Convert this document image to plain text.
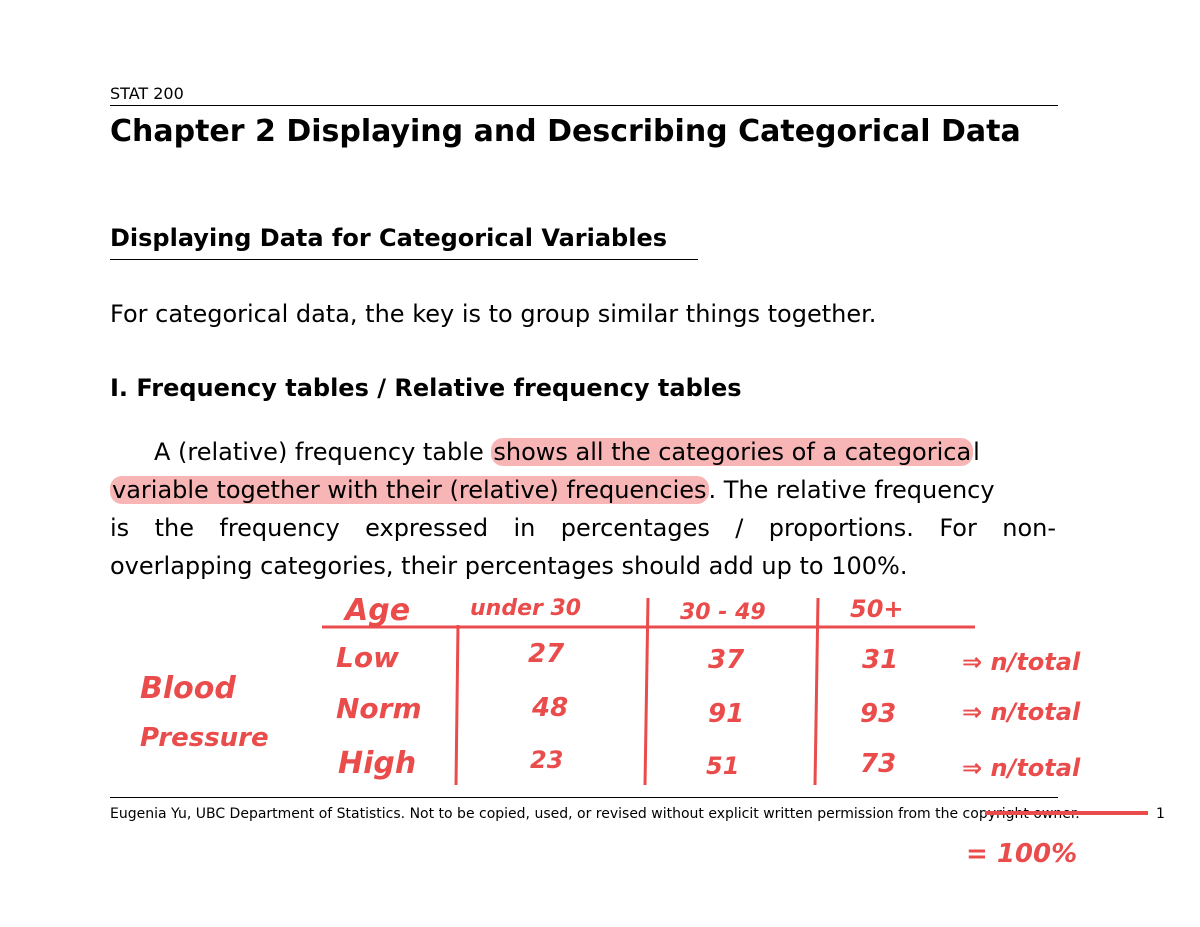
STAT 200
Chapter 2 Displaying and Describing Categorical Data
Displaying Data for Categorical Variables
For categorical data, the key is to group similar things together.
I. Frequency tables / Relative frequency tables
A (relative) frequency table shows all the categories of a categorical
variable together with their (relative) frequencies. The relative frequency
is the frequency expressed in percentages / proportions. For non-
overlapping categories, their percentages should add up to 100%.
Eugenia Yu, UBC Department of Statistics. Not to be copied, used, or revised without explicit written permission from the copyright owner.	1
Age	under 30	30 - 49	50+
Blood
Pressure
Low	27	37	31	⇒ n/total
Norm	48	91	93	⇒ n/total
High	23	51	73	⇒ n/total
= 100%
